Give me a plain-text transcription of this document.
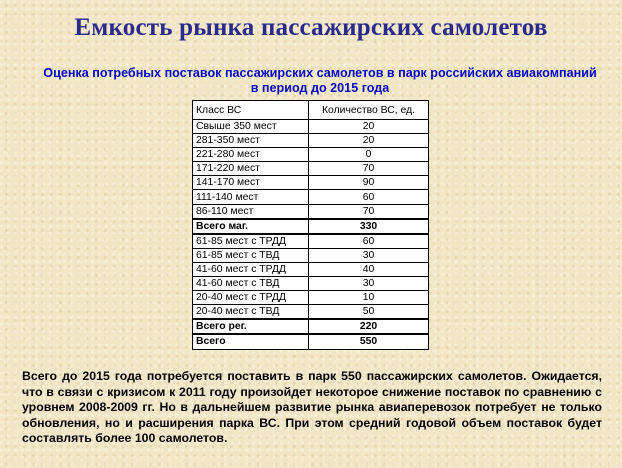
Емкость рынка пассажирских самолетов
Оценка потребных поставок пассажирских самолетов в парк российских авиакомпаний в период до 2015 года
Класс ВС	Количество ВС, ед.
Свыше 350 мест	20
281-350 мест	20
221-280 мест	0
171-220 мест	70
141-170 мест	90
111-140 мест	60
86-110 мест	70
Всего маг.	330
61-85 мест с ТРДД	60
61-85 мест с ТВД	30
41-60 мест с ТРДД	40
41-60 мест с ТВД	30
20-40 мест с ТРДД	10
20-40 мест с ТВД	50
Всего рег.	220
Всего	550
Всего до 2015 года потребуется поставить в парк 550 пассажирских самолетов. Ожидается, что в связи с кризисом к 2011 году произойдет некоторое снижение поставок по сравнению с уровнем 2008-2009 гг. Но в дальнейшем развитие рынка авиаперевозок потребует не только обновления, но и расширения парка ВС. При этом средний годовой объем поставок будет составлять более 100 самолетов.
